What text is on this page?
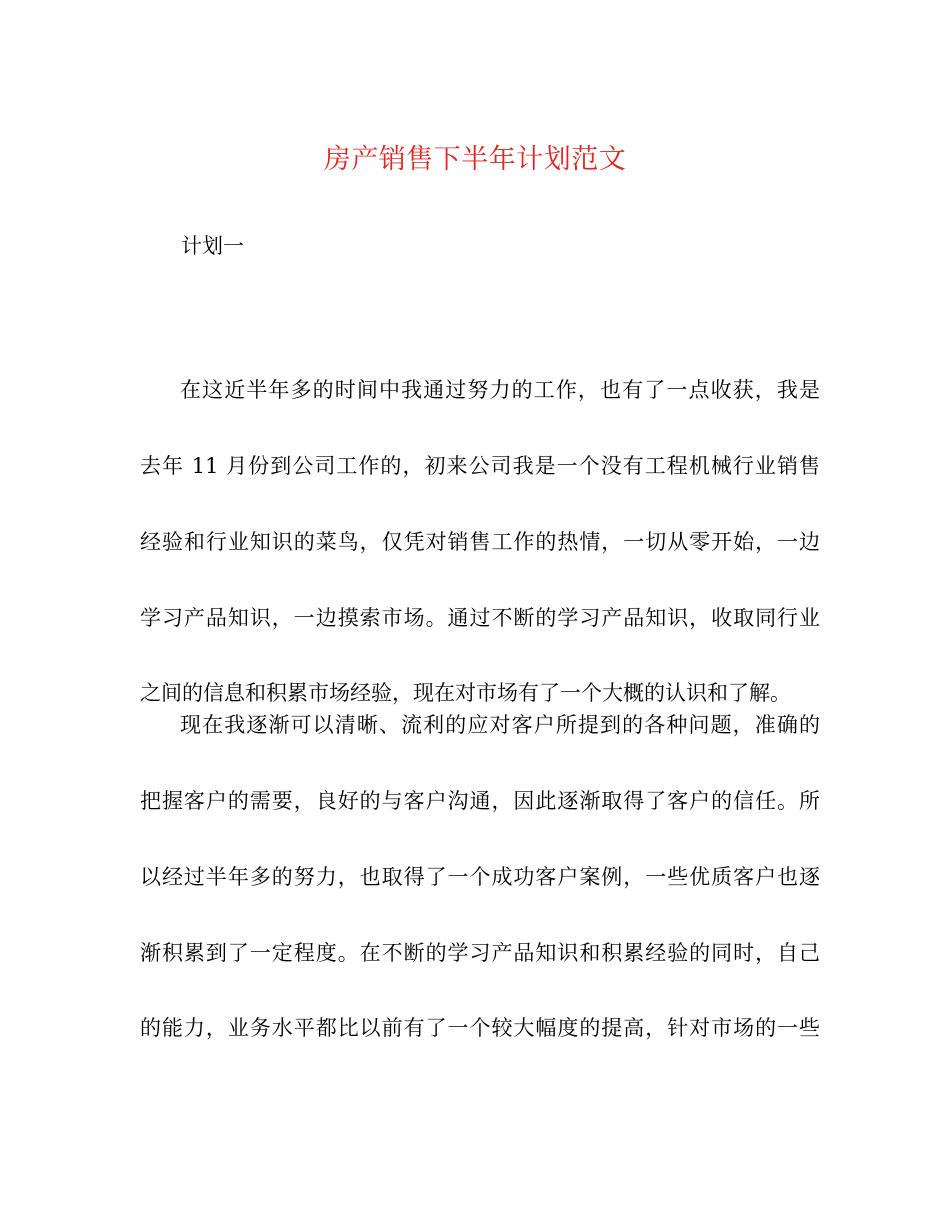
房产销售下半年计划范文
计划一
在这近半年多的时间中我通过努力的工作，也有了一点收获，我是
去年 11 月份到公司工作的，初来公司我是一个没有工程机械行业销售
经验和行业知识的菜鸟，仅凭对销售工作的热情，一切从零开始，一边
学习产品知识，一边摸索市场。通过不断的学习产品知识，收取同行业
之间的信息和积累市场经验，现在对市场有了一个大概的认识和了解。
现在我逐渐可以清晰、流利的应对客户所提到的各种问题，准确的
把握客户的需要，良好的与客户沟通，因此逐渐取得了客户的信任。所
以经过半年多的努力，也取得了一个成功客户案例，一些优质客户也逐
渐积累到了一定程度。在不断的学习产品知识和积累经验的同时，自己
的能力，业务水平都比以前有了一个较大幅度的提高，针对市场的一些
